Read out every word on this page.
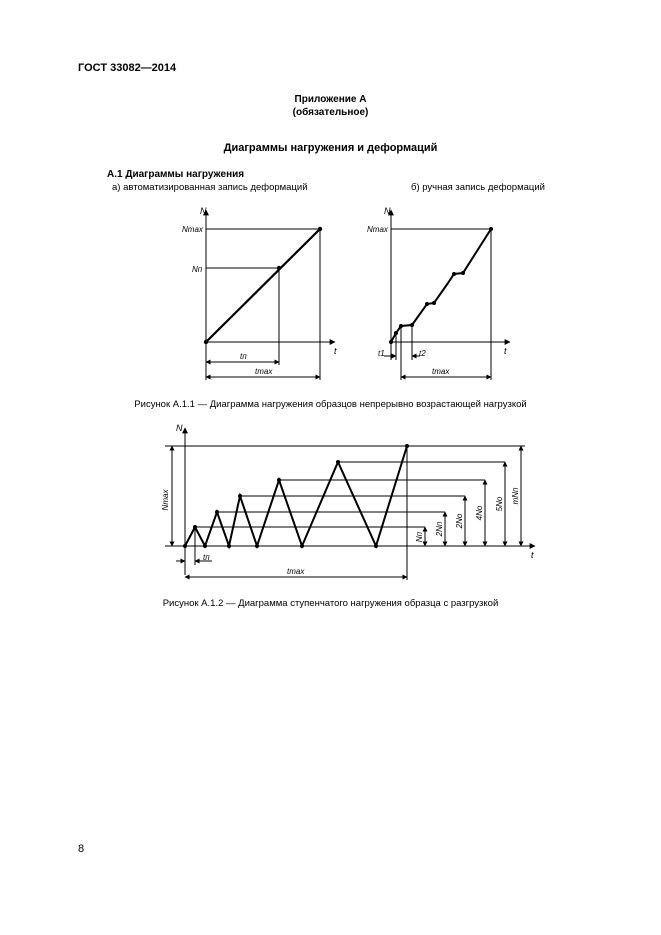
ГОСТ 33082—2014
Приложение А
(обязательное)
Диаграммы нагружения и деформаций
А.1 Диаграммы нагружения
а) автоматизированная запись деформаций	б) ручная запись деформаций
N
Nmax
Nп
t
tп
tmax
N
Nmax
t
t1	t2
tmax
N
t
tп
tmax
Nmax
Nп
2Nп
2Nо
4Nо
5Nо mNп
Рисунок А.1.1 — Диаграмма нагружения образцов непрерывно возрастающей нагрузкой
Рисунок А.1.2 — Диаграмма ступенчатого нагружения образца с разгрузкой
8
